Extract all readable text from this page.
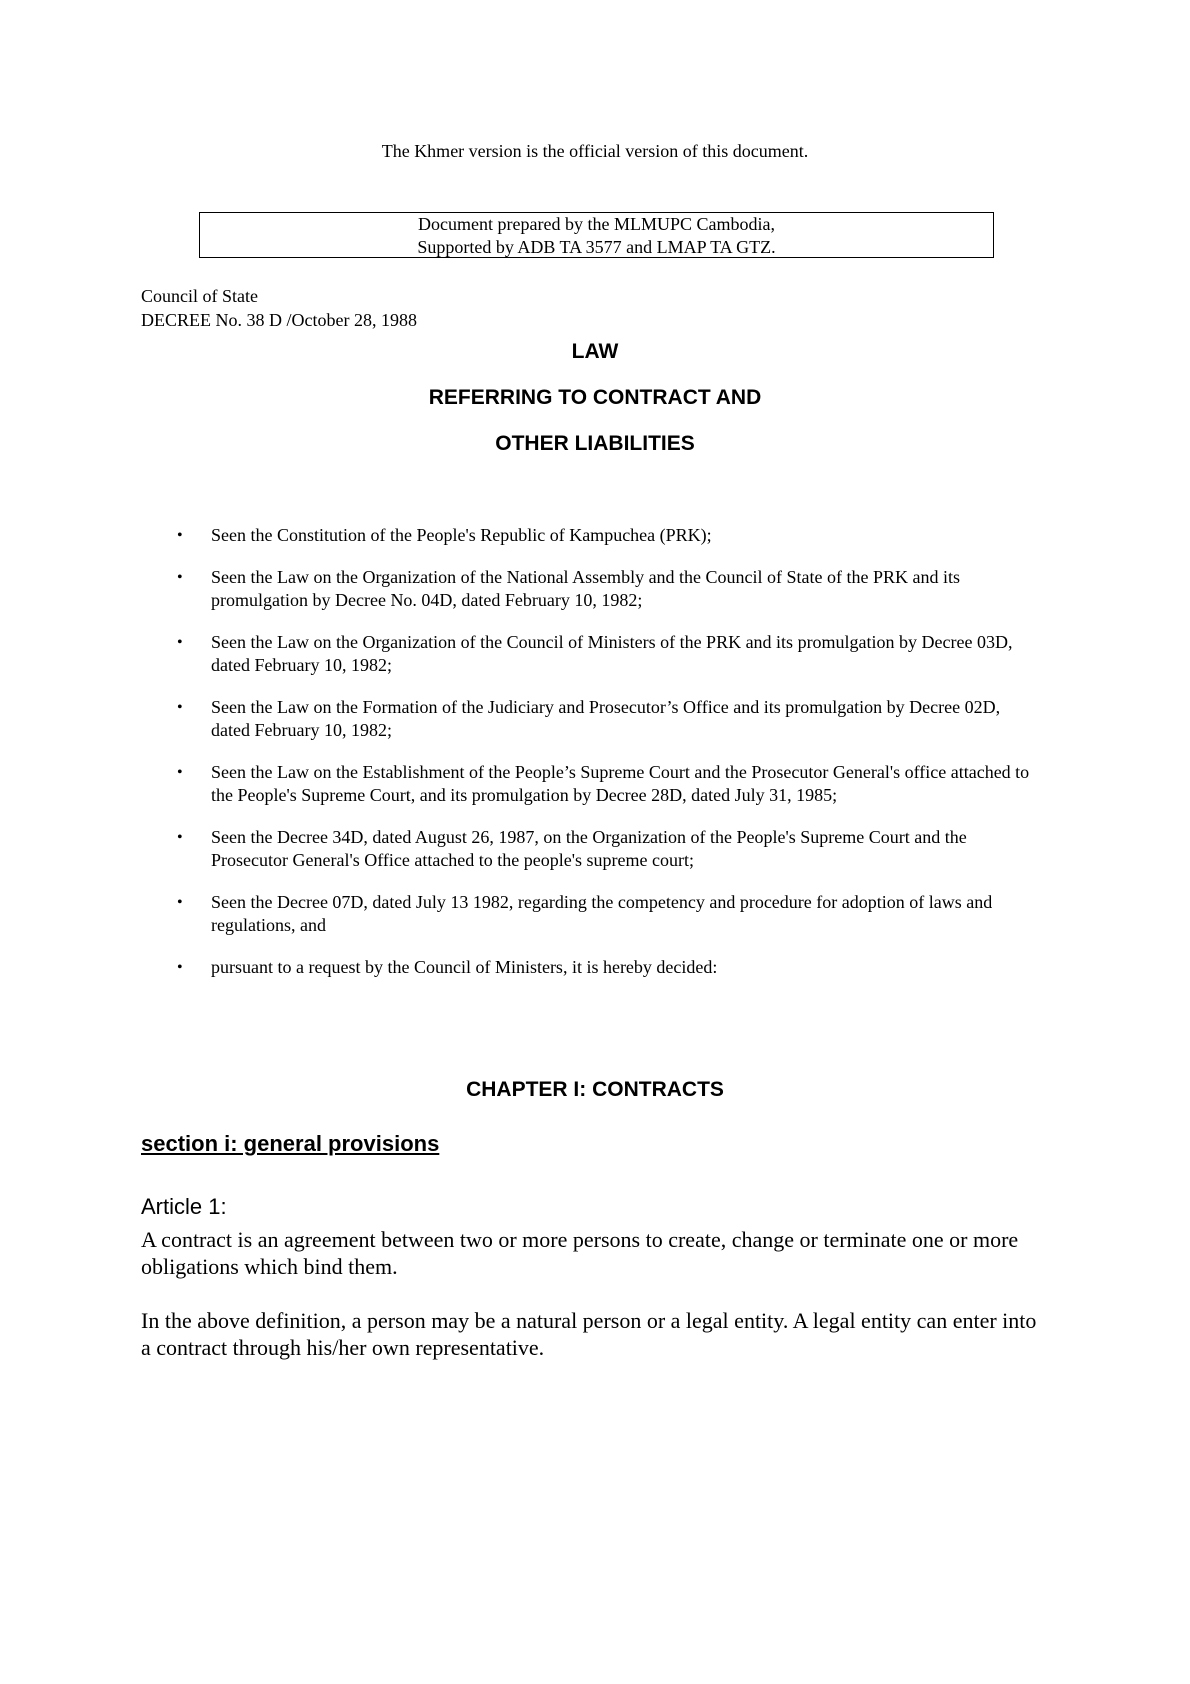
The Khmer version is the official version of this document.
Document prepared by the MLMUPC Cambodia,
Supported by ADB TA 3577 and LMAP TA GTZ.
Council of State
DECREE No. 38 D /October 28, 1988
LAW
REFERRING TO CONTRACT AND
OTHER LIABILITIES
• Seen the Constitution of the People's Republic of Kampuchea (PRK);
• Seen the Law on the Organization of the National Assembly and the Council of State of the PRK and its promulgation by Decree No. 04D, dated February 10, 1982;
• Seen the Law on the Organization of the Council of Ministers of the PRK and its promulgation by Decree 03D, dated February 10, 1982;
• Seen the Law on the Formation of the Judiciary and Prosecutor’s Office and its promulgation by Decree 02D, dated February 10, 1982;
• Seen the Law on the Establishment of the People’s Supreme Court and the Prosecutor General's office attached to the People's Supreme Court, and its promulgation by Decree 28D, dated July 31, 1985;
• Seen the Decree 34D, dated August 26, 1987, on the Organization of the People's Supreme Court and the Prosecutor General's Office attached to the people's supreme court;
• Seen the Decree 07D, dated July 13 1982, regarding the competency and procedure for adoption of laws and regulations, and
• pursuant to a request by the Council of Ministers, it is hereby decided:
CHAPTER I: CONTRACTS
section i: general provisions
Article 1:

A contract is an agreement between two or more persons to create, change or terminate one or more obligations which bind them.

In the above definition, a person may be a natural person or a legal entity. A legal entity can enter into a contract through his/her own representative.
